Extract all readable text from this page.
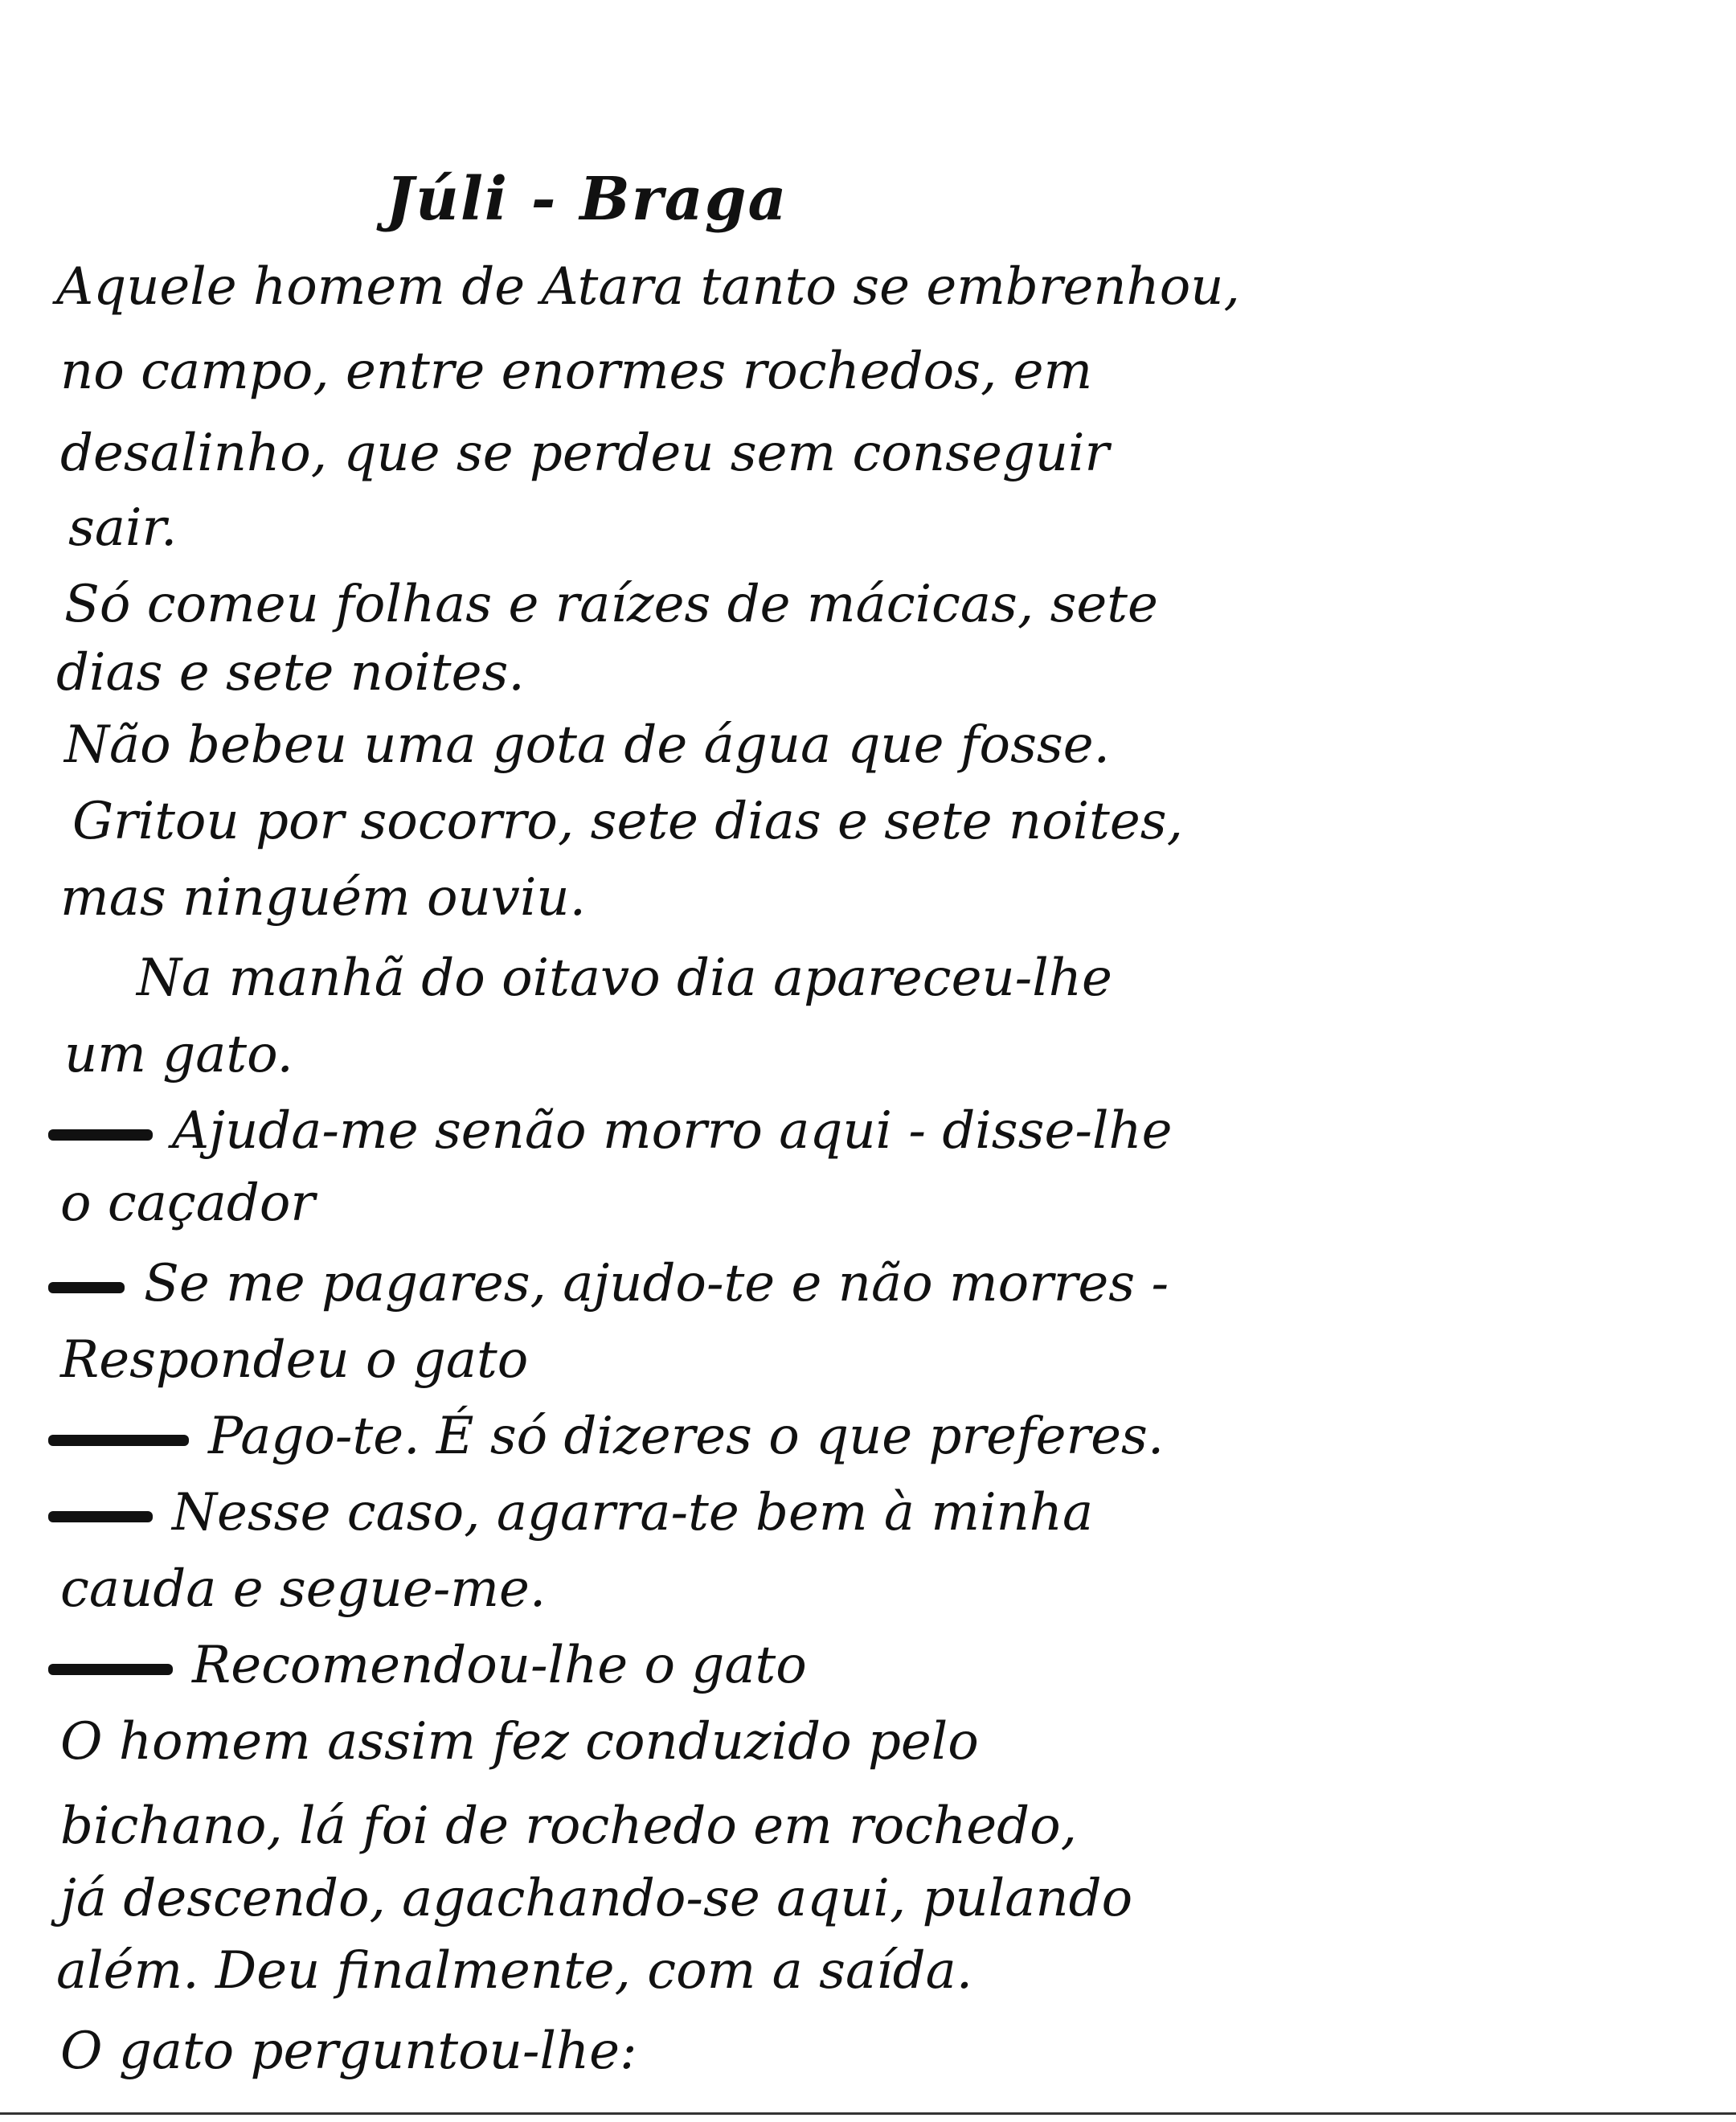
Júli - Braga
Aquele homem de Atara tanto se embrenhou,
no campo, entre enormes rochedos, em
desalinho, que se perdeu sem conseguir
sair.
Só comeu folhas e raízes de mácicas, sete
dias e sete noites.
Não bebeu uma gota de água que fosse.
Gritou por socorro, sete dias e sete noites,
mas ninguém ouviu.
Na manhã do oitavo dia apareceu-lhe
um gato.
Ajuda-me senão morro aqui - disse-lhe
o caçador
Se me pagares, ajudo-te e não morres -
Respondeu o gato
Pago-te. É só dizeres o que preferes.
Nesse caso, agarra-te bem à minha
cauda e segue-me.
Recomendou-lhe o gato
O homem assim fez conduzido pelo
bichano, lá foi de rochedo em rochedo,
já descendo, agachando-se aqui, pulando
além. Deu finalmente, com a saída.
O gato perguntou-lhe:
